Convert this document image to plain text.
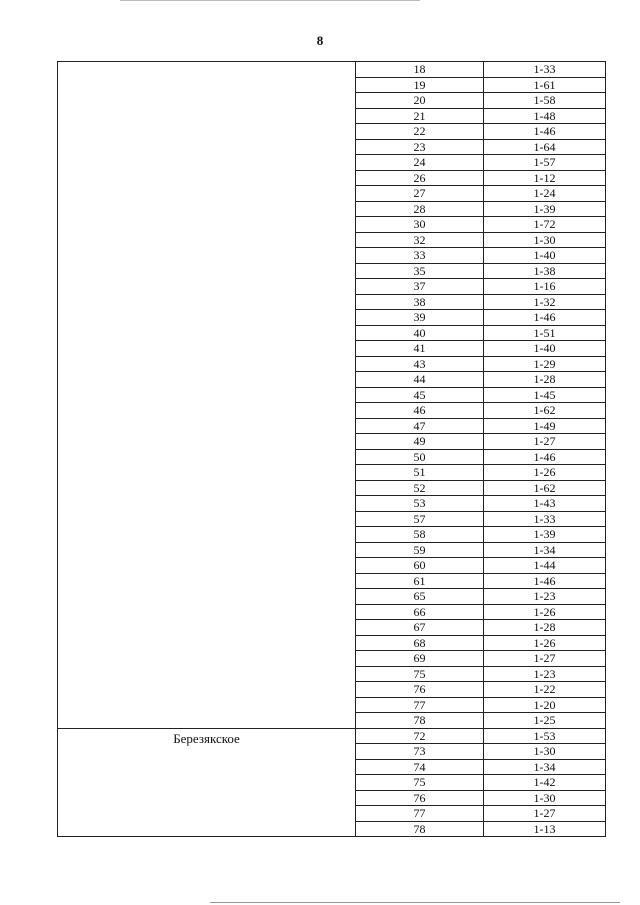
8
	18	1-33
	19	1-61
	20	1-58
	21	1-48
	22	1-46
	23	1-64
	24	1-57
	26	1-12
	27	1-24
	28	1-39
	30	1-72
	32	1-30
	33	1-40
	35	1-38
	37	1-16
	38	1-32
	39	1-46
	40	1-51
	41	1-40
	43	1-29
	44	1-28
	45	1-45
	46	1-62
	47	1-49
	49	1-27
	50	1-46
	51	1-26
	52	1-62
	53	1-43
	57	1-33
	58	1-39
	59	1-34
	60	1-44
	61	1-46
	65	1-23
	66	1-26
	67	1-28
	68	1-26
	69	1-27
	75	1-23
	76	1-22
	77	1-20
	78	1-25
Березякское	72	1-53
	73	1-30
	74	1-34
	75	1-42
	76	1-30
	77	1-27
	78	1-13
